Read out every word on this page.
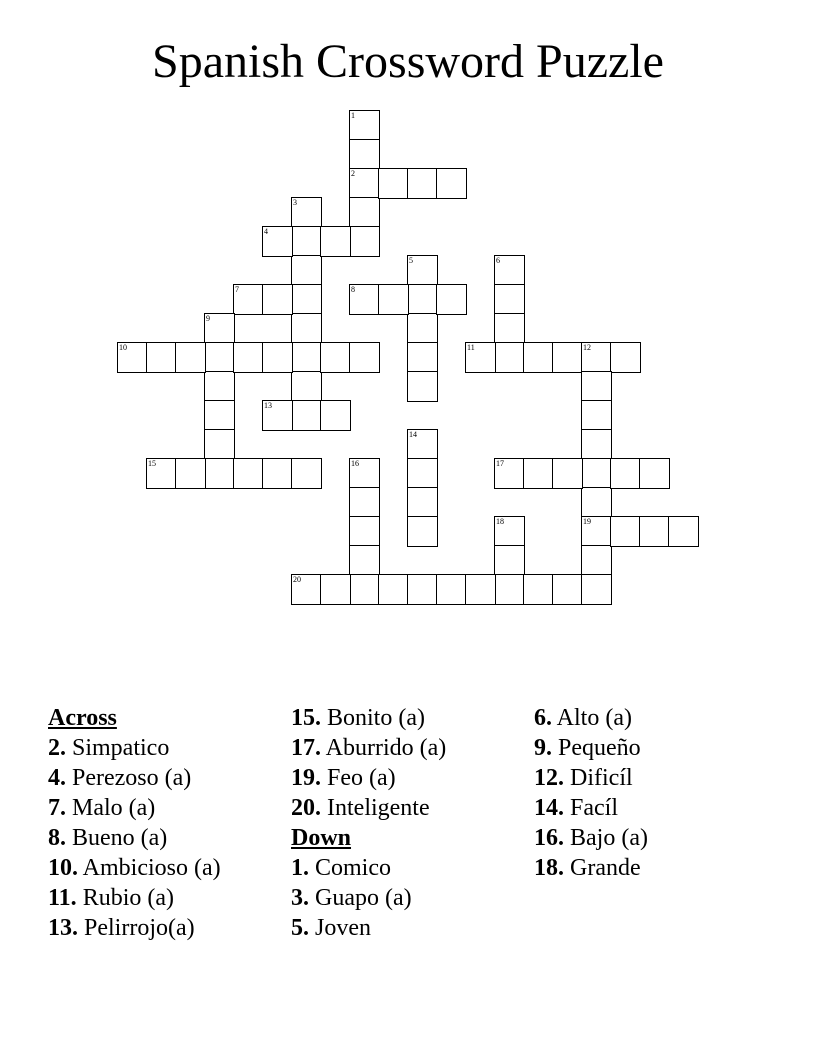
Spanish Crossword Puzzle
1
2
3
4
5	6
7	8
9
10	11	12
19
13
14
15	16	17
18
20
Across
2. Simpatico
4. Perezoso (a)
7. Malo (a)
8. Bueno (a)
10. Ambicioso (a)
11. Rubio (a)
13. Pelirrojo(a)
15. Bonito (a)
17. Aburrido (a)
19. Feo (a)
20. Inteligente
Down
1. Comico
3. Guapo (a)
5. Joven
6. Alto (a)
9. Pequeño
12. Dificíl
14. Facíl
16. Bajo (a)
18. Grande
